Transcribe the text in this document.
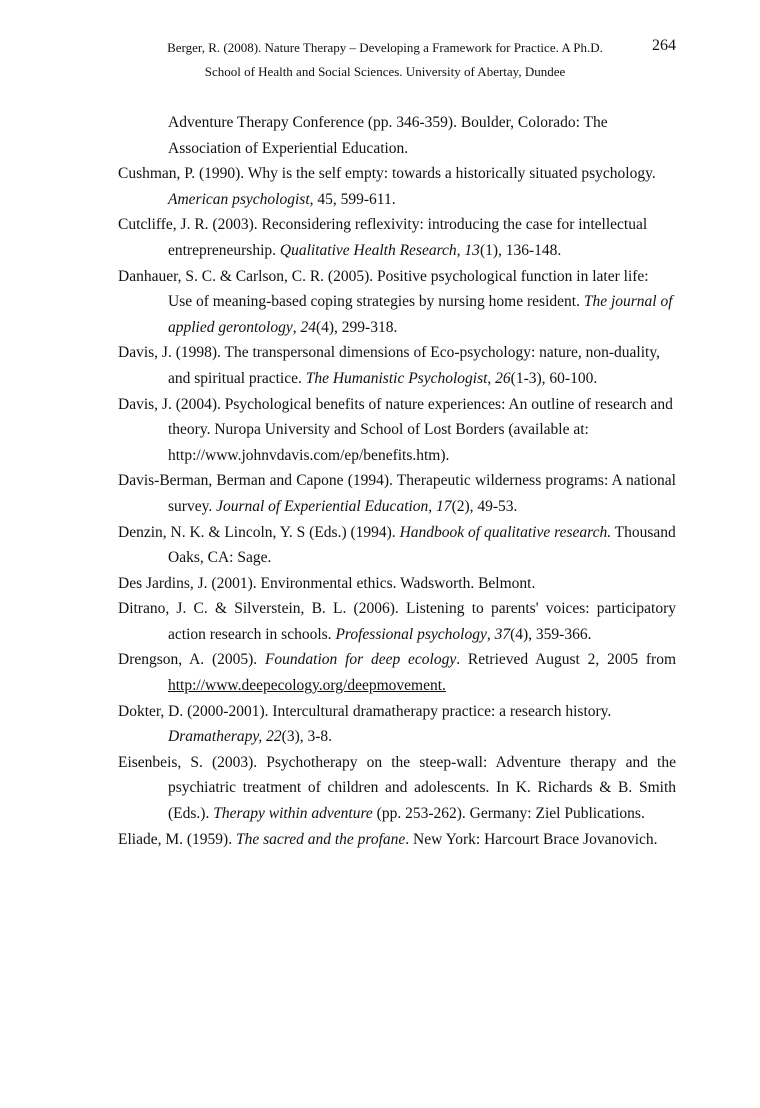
Berger, R. (2008). Nature Therapy – Developing a Framework for Practice. A Ph.D.
School of Health and Social Sciences. University of Abertay, Dundee
264
Adventure Therapy Conference (pp. 346-359). Boulder, Colorado: The Association of Experiential Education.
Cushman, P. (1990). Why is the self empty: towards a historically situated psychology. American psychologist, 45, 599-611.
Cutcliffe, J. R. (2003). Reconsidering reflexivity: introducing the case for intellectual entrepreneurship. Qualitative Health Research, 13(1), 136-148.
Danhauer, S. C. & Carlson, C. R. (2005). Positive psychological function in later life: Use of meaning-based coping strategies by nursing home resident. The journal of applied gerontology, 24(4), 299-318.
Davis, J. (1998). The transpersonal dimensions of Eco-psychology: nature, non-duality, and spiritual practice. The Humanistic Psychologist, 26(1-3), 60-100.
Davis, J. (2004). Psychological benefits of nature experiences: An outline of research and theory. Nuropa University and School of Lost Borders (available at: http://www.johnvdavis.com/ep/benefits.htm).
Davis-Berman, Berman and Capone (1994). Therapeutic wilderness programs: A national survey. Journal of Experiential Education, 17(2), 49-53.
Denzin, N. K. & Lincoln, Y. S (Eds.) (1994). Handbook of qualitative research. Thousand Oaks, CA: Sage.
Des Jardins, J. (2001). Environmental ethics. Wadsworth. Belmont.
Ditrano, J. C. & Silverstein, B. L. (2006). Listening to parents' voices: participatory action research in schools. Professional psychology, 37(4), 359-366.
Drengson, A. (2005). Foundation for deep ecology. Retrieved August 2, 2005 from http://www.deepecology.org/deepmovement.
Dokter, D. (2000-2001). Intercultural dramatherapy practice: a research history. Dramatherapy, 22(3), 3-8.
Eisenbeis, S. (2003). Psychotherapy on the steep-wall: Adventure therapy and the psychiatric treatment of children and adolescents. In K. Richards & B. Smith (Eds.). Therapy within adventure (pp. 253-262). Germany: Ziel Publications.
Eliade, M. (1959). The sacred and the profane. New York: Harcourt Brace Jovanovich.
